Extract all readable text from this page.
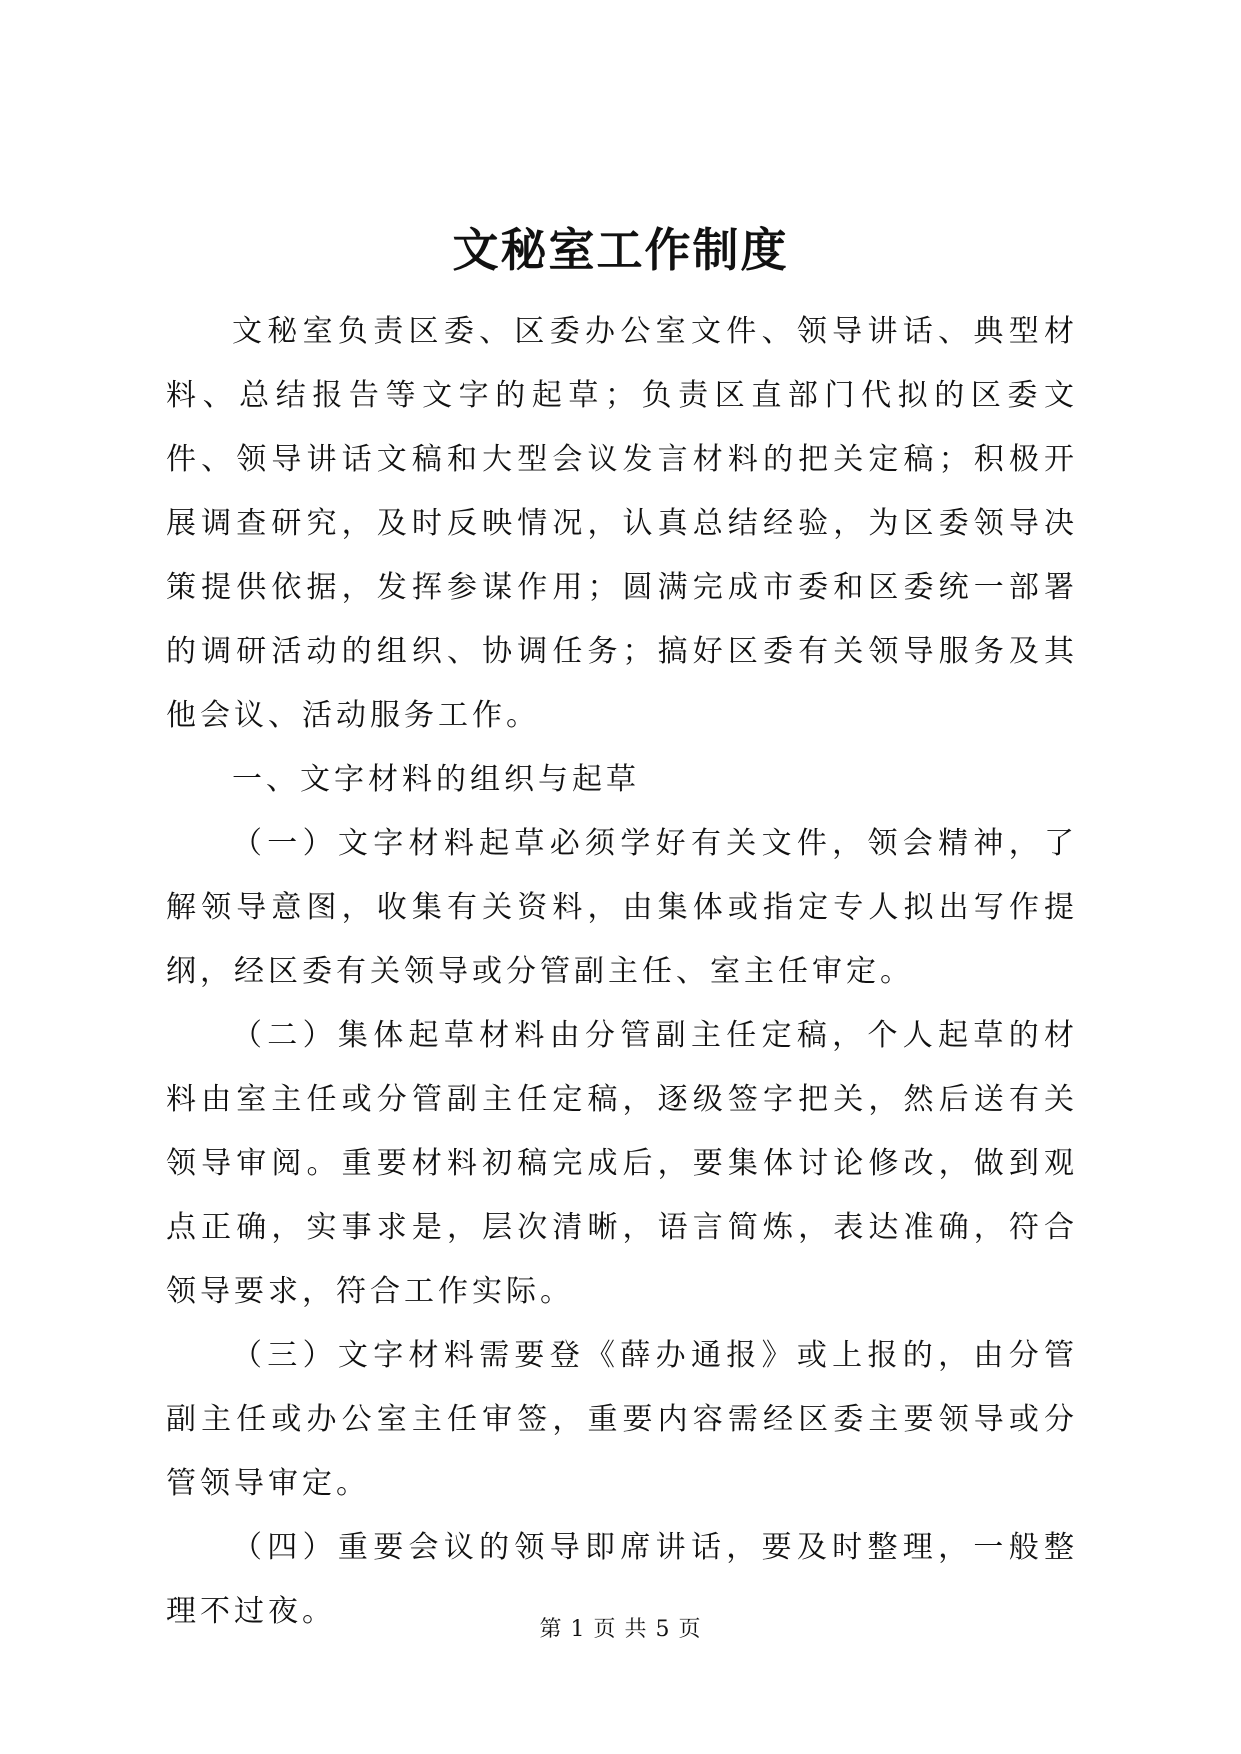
文秘室工作制度

文秘室负责区委、区委办公室文件、领导讲话、典型材料、总结报告等文字的起草；负责区直部门代拟的区委文件、领导讲话文稿和大型会议发言材料的把关定稿；积极开展调查研究，及时反映情况，认真总结经验，为区委领导决策提供依据，发挥参谋作用；圆满完成市委和区委统一部署的调研活动的组织、协调任务；搞好区委有关领导服务及其他会议、活动服务工作。

一、文字材料的组织与起草

（一）文字材料起草必须学好有关文件，领会精神，了解领导意图，收集有关资料，由集体或指定专人拟出写作提纲，经区委有关领导或分管副主任、室主任审定。

（二）集体起草材料由分管副主任定稿，个人起草的材料由室主任或分管副主任定稿，逐级签字把关，然后送有关领导审阅。重要材料初稿完成后，要集体讨论修改，做到观点正确，实事求是，层次清晰，语言简炼，表达准确，符合领导要求，符合工作实际。

（三）文字材料需要登《薛办通报》或上报的，由分管副主任或办公室主任审签，重要内容需经区委主要领导或分管领导审定。

（四）重要会议的领导即席讲话，要及时整理，一般整理不过夜。

第 1 页 共 5 页
